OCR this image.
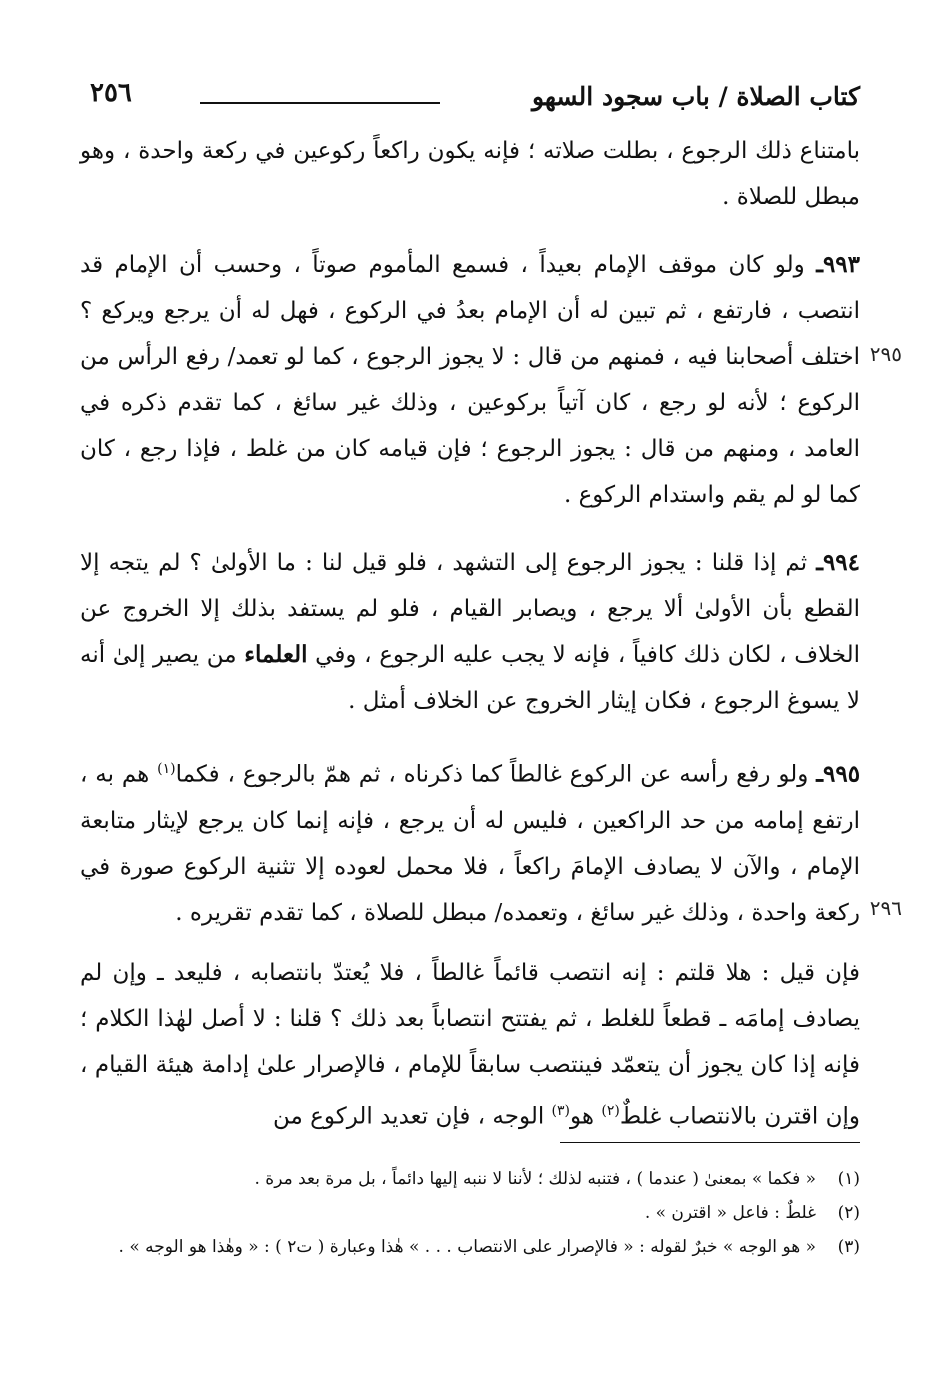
كتاب الصلاة / باب سجود السهو
٢٥٦
٢٩٥
٢٩٦

بامتناع ذلك الرجوع ، بطلت صلاته ؛ فإنه يكون راكعاً ركوعين في ركعة واحدة ، وهو مبطل للصلاة .

٩٩٣ـ ولو كان موقف الإمام بعيداً ، فسمع المأموم صوتاً ، وحسب أن الإمام قد انتصب ، فارتفع ، ثم تبين له أن الإمام بعدُ في الركوع ، فهل له أن يرجع ويركع ؟ اختلف أصحابنا فيه ، فمنهم من قال : لا يجوز الرجوع ، كما لو تعمد/ رفع الرأس من الركوع ؛ لأنه لو رجع ، كان آتياً بركوعين ، وذلك غير سائغ ، كما تقدم ذكره في العامد ، ومنهم من قال : يجوز الرجوع ؛ فإن قيامه كان من غلط ، فإذا رجع ، كان كما لو لم يقم واستدام الركوع .

٩٩٤ـ ثم إذا قلنا : يجوز الرجوع إلى التشهد ، فلو قيل لنا : ما الأولىٰ ؟ لم يتجه إلا القطع بأن الأولىٰ ألا يرجع ، ويصابر القيام ، فلو لم يستفد بذلك إلا الخروج عن الخلاف ، لكان ذلك كافياً ، فإنه لا يجب عليه الرجوع ، وفي العلماء من يصير إلىٰ أنه لا يسوغ الرجوع ، فكان إيثار الخروج عن الخلاف أمثل .

٩٩٥ـ ولو رفع رأسه عن الركوع غالطاً كما ذكرناه ، ثم همّ بالرجوع ، فكما$^{(١)}$ هم به ، ارتفع إمامه من حد الراكعين ، فليس له أن يرجع ، فإنه إنما كان يرجع لإيثار متابعة الإمام ، والآن لا يصادف الإمامَ راكعاً ، فلا محمل لعوده إلا تثنية الركوع صورة في ركعة واحدة ، وذلك غير سائغ ، وتعمده/ مبطل للصلاة ، كما تقدم تقريره .

فإن قيل : هلا قلتم : إنه انتصب قائماً غالطاً ، فلا يُعتدّ بانتصابه ، فليعد ـ وإن لم يصادف إمامَه ـ قطعاً للغلط ، ثم يفتتح انتصاباً بعد ذلك ؟ قلنا : لا أصل لهٰذا الكلام ؛ فإنه إذا كان يجوز أن يتعمّد فينتصب سابقاً للإمام ، فالإصرار علىٰ إدامة هيئة القيام ، وإن اقترن بالانتصاب غلطٌ$^{(٢)}$ هو$^{(٣)}$ الوجه ، فإن تعديد الركوع من

(١)
« فكما » بمعنىٰ ( عندما ) ، فتنبه لذلك ؛ لأننا لا ننبه إليها دائماً ، بل مرة بعد مرة .

(٢)
غلطٌ : فاعل « اقترن » .

(٣)
« هو الوجه » خبرٌ لقوله : « فالإصرار على الانتصاب . . . » هٰذا وعبارة ( ت٢ ) : « وهٰذا هو الوجه » .
